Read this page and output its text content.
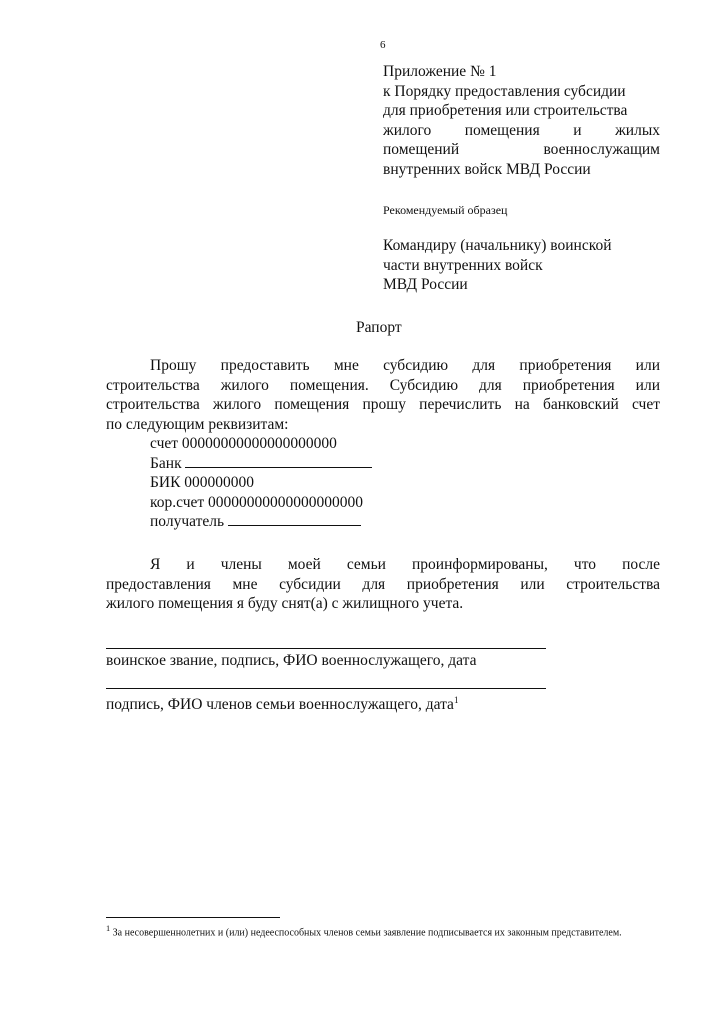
6
Приложение № 1
к Порядку предоставления субсидии
для приобретения или строительства
жилого помещения и жилых
помещений военнослужащим
внутренних войск МВД России
Рекомендуемый образец
Командиру (начальнику) воинской
части внутренних войск
МВД России
Рапорт
Прошу предоставить мне субсидию для приобретения или
строительства жилого помещения. Субсидию для приобретения или
строительства жилого помещения прошу перечислить на банковский счет
по следующим реквизитам:
счет 00000000000000000000
Банк
БИК 000000000
кор.счет 00000000000000000000
получатель
Я и члены моей семьи проинформированы, что после
предоставления мне субсидии для приобретения или строительства
жилого помещения я буду снят(а) с жилищного учета.
воинское звание, подпись, ФИО военнослужащего, дата
подпись, ФИО членов семьи военнослужащего, дата$^1$
$^1$ За несовершеннолетних и (или) недееспособных членов семьи заявление подписывается их законным представителем.
